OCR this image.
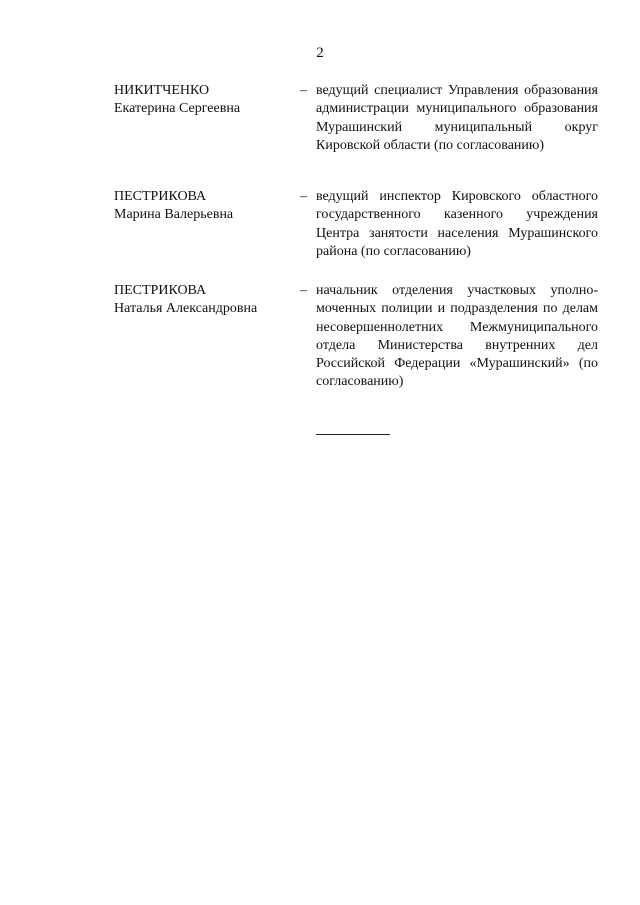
2
НИКИТЧЕНКО
Екатерина Сергеевна
– ведущий специалист Управления образования администрации муниципального образования Мурашинский муниципальный округ Кировской области (по согласованию)
ПЕСТРИКОВА
Марина Валерьевна
– ведущий инспектор Кировского областного государственного казенного учреждения Центра занятости населения Мурашинского района (по согласованию)
ПЕСТРИКОВА
Наталья Александровна
– начальник отделения участковых уполномоченных полиции и подразделения по делам несовершеннолетних Межмуниципального отдела Министерства внутренних дел Российской Федерации «Мурашинский» (по согласованию)
